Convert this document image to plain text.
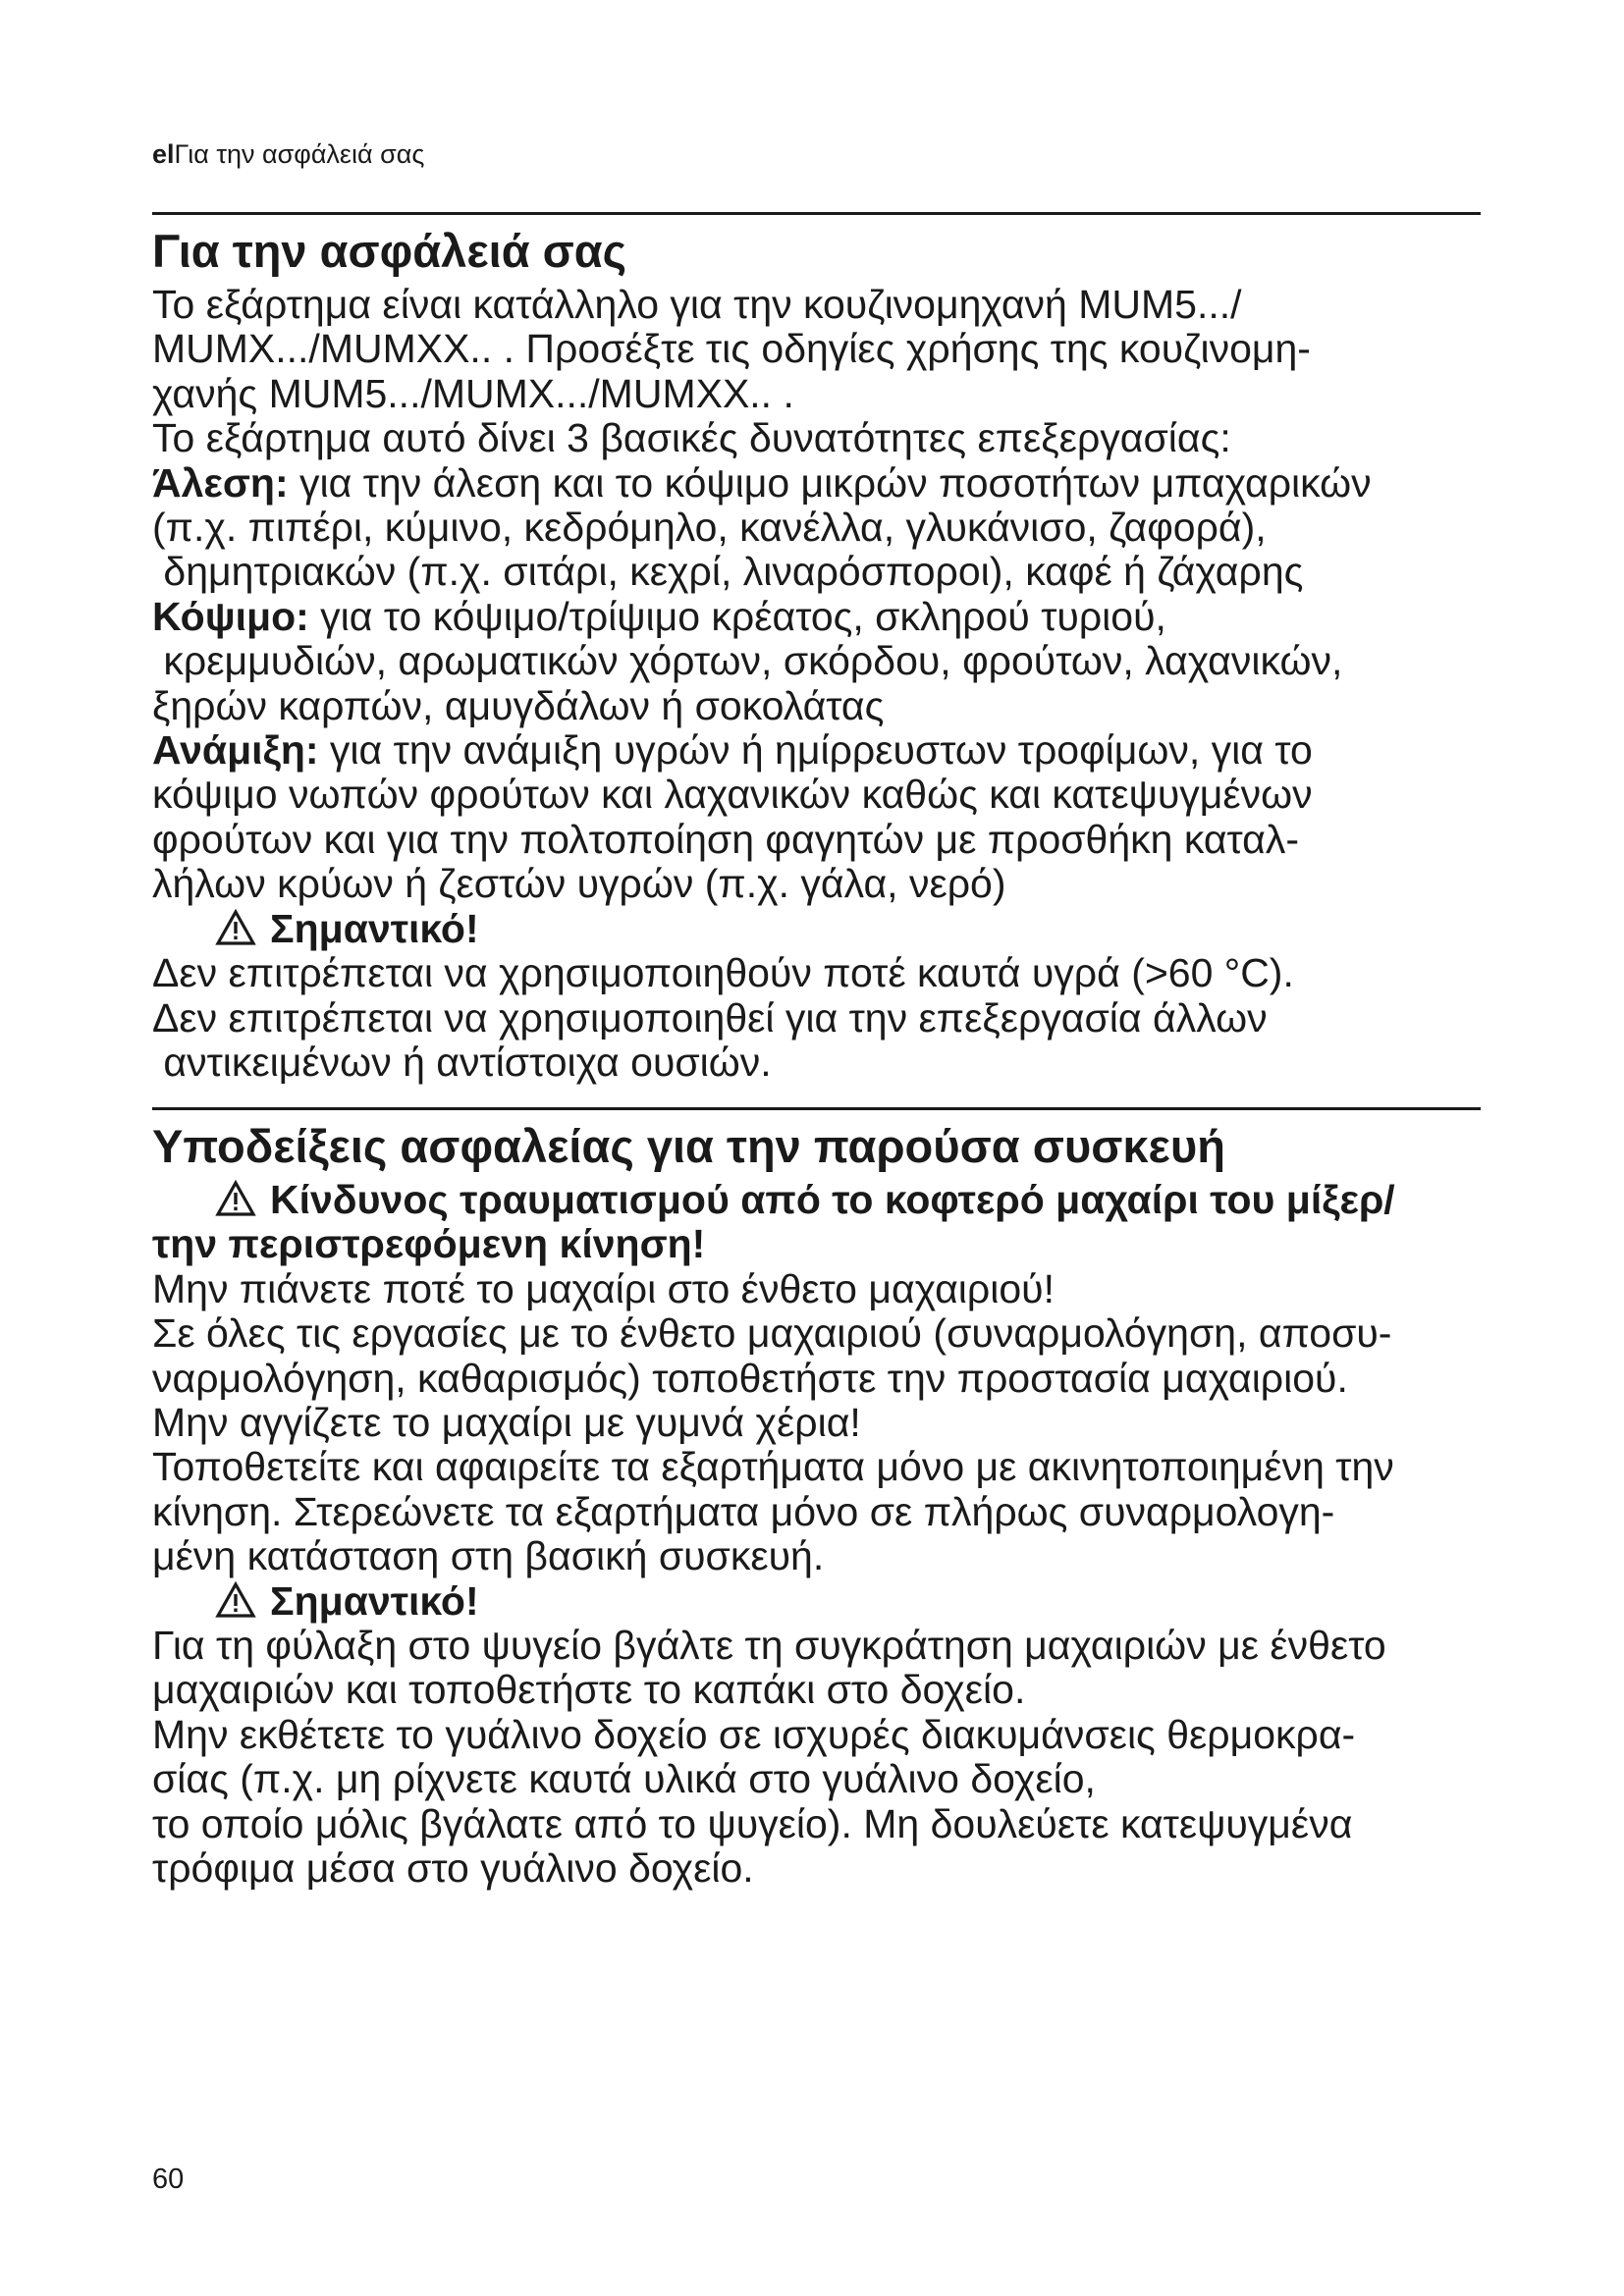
elΓια την ασφάλειά σας
Για την ασφάλειά σας
Το εξάρτημα είναι κατάλληλο για την κουζινομηχανή MUM5.../
MUMX.../MUMXX.. . Προσέξτε τις οδηγίες χρήσης της κουζινομη-
χανής MUM5.../MUMX.../MUMXX.. .
Το εξάρτημα αυτό δίνει 3 βασικές δυνατότητες επεξεργασίας:
Άλεση: για την άλεση και το κόψιμο μικρών ποσοτήτων μπαχαρικών
(π.χ. πιπέρι, κύμινο, κεδρόμηλο, κανέλλα, γλυκάνισο, ζαφορά),
δημητριακών (π.χ. σιτάρι, κεχρί, λιναρόσποροι), καφέ ή ζάχαρης
Κόψιμο: για το κόψιμο/τρίψιμο κρέατος, σκληρού τυριού,
κρεμμυδιών, αρωματικών χόρτων, σκόρδου, φρούτων, λαχανικών,
ξηρών καρπών, αμυγδάλων ή σοκολάτας
Ανάμιξη: για την ανάμιξη υγρών ή ημίρρευστων τροφίμων, για το
κόψιμο νωπών φρούτων και λαχανικών καθώς και κατεψυγμένων
φρούτων και για την πολτοποίηση φαγητών με προσθήκη καταλ-
λήλων κρύων ή ζεστών υγρών (π.χ. γάλα, νερό)
Σημαντικό!
Δεν επιτρέπεται να χρησιμοποιηθούν ποτέ καυτά υγρά (>60 °C).
Δεν επιτρέπεται να χρησιμοποιηθεί για την επεξεργασία άλλων
αντικειμένων ή αντίστοιχα ουσιών.
Υποδείξεις ασφαλείας για την παρούσα συσκευή
Κίνδυνος τραυματισμού από το κοφτερό μαχαίρι του μίξερ/
την περιστρεφόμενη κίνηση!
Μην πιάνετε ποτέ το μαχαίρι στο ένθετο μαχαιριού!
Σε όλες τις εργασίες με το ένθετο μαχαιριού (συναρμολόγηση, αποσυ-
ναρμολόγηση, καθαρισμός) τοποθετήστε την προστασία μαχαιριού.
Μην αγγίζετε το μαχαίρι με γυμνά χέρια!
Τοποθετείτε και αφαιρείτε τα εξαρτήματα μόνο με ακινητοποιημένη την
κίνηση. Στερεώνετε τα εξαρτήματα μόνο σε πλήρως συναρμολογη-
μένη κατάσταση στη βασική συσκευή.
Σημαντικό!
Για τη φύλαξη στο ψυγείο βγάλτε τη συγκράτηση μαχαιριών με ένθετο
μαχαιριών και τοποθετήστε το καπάκι στο δοχείο.
Μην εκθέτετε το γυάλινο δοχείο σε ισχυρές διακυμάνσεις θερμοκρα-
σίας (π.χ. μη ρίχνετε καυτά υλικά στο γυάλινο δοχείο,
το οποίο μόλις βγάλατε από το ψυγείο). Μη δουλεύετε κατεψυγμένα
τρόφιμα μέσα στο γυάλινο δοχείο.
60
